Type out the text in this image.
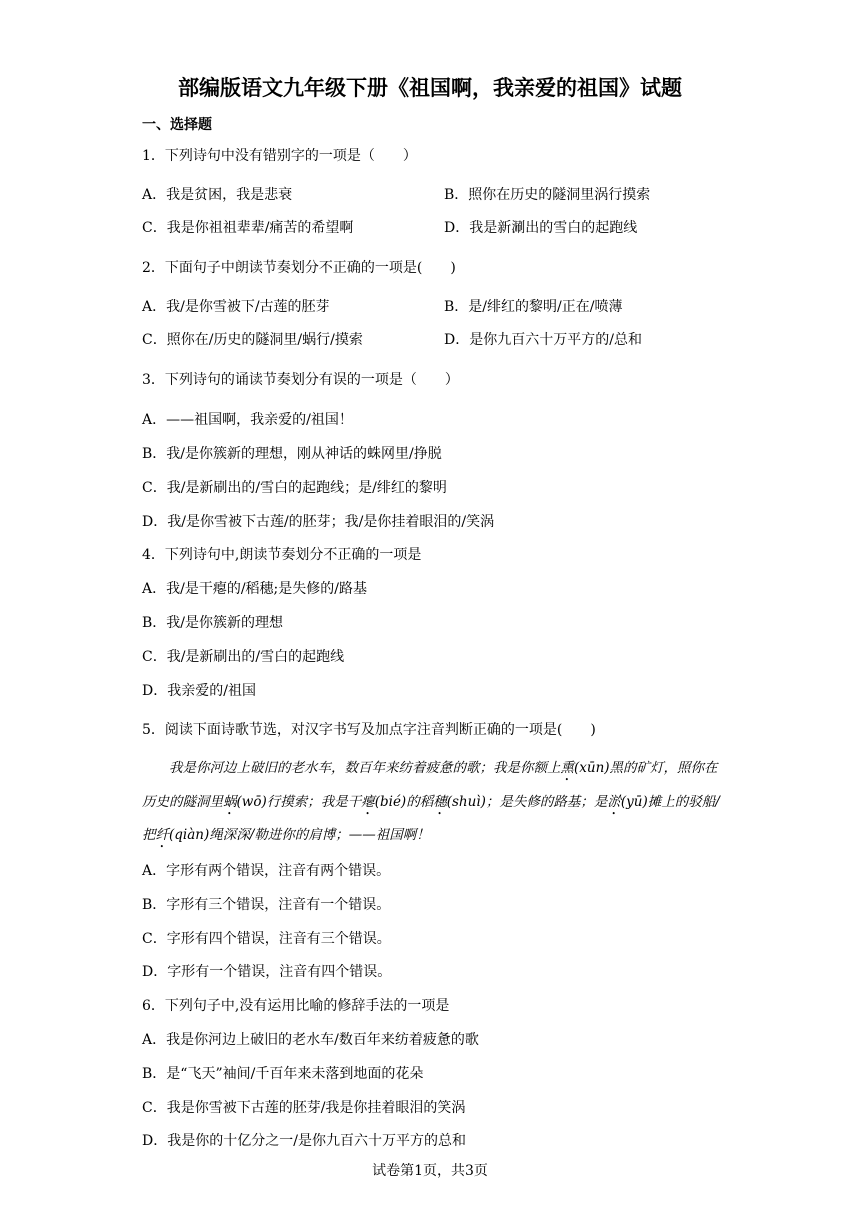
部编版语文九年级下册《祖国啊，我亲爱的祖国》试题
一、选择题
1．下列诗句中没有错别字的一项是（　　）
A．我是贫困，我是悲衰	B．照你在历史的隧洞里涡行摸索
C．我是你祖祖辈辈/痛苦的希望啊	D．我是新涮出的雪白的起跑线
2．下面句子中朗读节奏划分不正确的一项是(　　)
A．我/是你雪被下/古莲的胚芽	B．是/绯红的黎明/正在/喷薄
C．照你在/历史的隧洞里/蜗行/摸索	D．是你九百六十万平方的/总和
3．下列诗句的诵读节奏划分有误的一项是（　　）
A．——祖国啊，我亲爱的/祖国！
B．我/是你簇新的理想，刚从神话的蛛网里/挣脱
C．我/是新刷出的/雪白的起跑线；是/绯红的黎明
D．我/是你雪被下古莲/的胚芽；我/是你挂着眼泪的/笑涡
4．下列诗句中,朗读节奏划分不正确的一项是
A．我/是干瘪的/稻穗;是失修的/路基
B．我/是你簇新的理想
C．我/是新刷出的/雪白的起跑线
D．我亲爱的/祖国
5．阅读下面诗歌节选，对汉字书写及加点字注音判断正确的一项是(　　)
我是你河边上破旧的老水车，数百年来纺着疲惫的歌；我是你额上熏(xūn)黑的矿灯，照你在历史的隧洞里蜗(wō)行摸索；我是干瘪(bié)的稻穗(shuì)；是失修的路基；是淤(yū)摊上的驳船/把纤(qiàn)绳深深/勒进你的肩博；——祖国啊！
A．字形有两个错误，注音有两个错误。
B．字形有三个错误，注音有一个错误。
C．字形有四个错误，注音有三个错误。
D．字形有一个错误，注音有四个错误。
6．下列句子中,没有运用比喻的修辞手法的一项是
A．我是你河边上破旧的老水车/数百年来纺着疲惫的歌
B．是“飞天”袖间/千百年来未落到地面的花朵
C．我是你雪被下古莲的胚芽/我是你挂着眼泪的笑涡
D．我是你的十亿分之一/是你九百六十万平方的总和
试卷第1页，共3页
